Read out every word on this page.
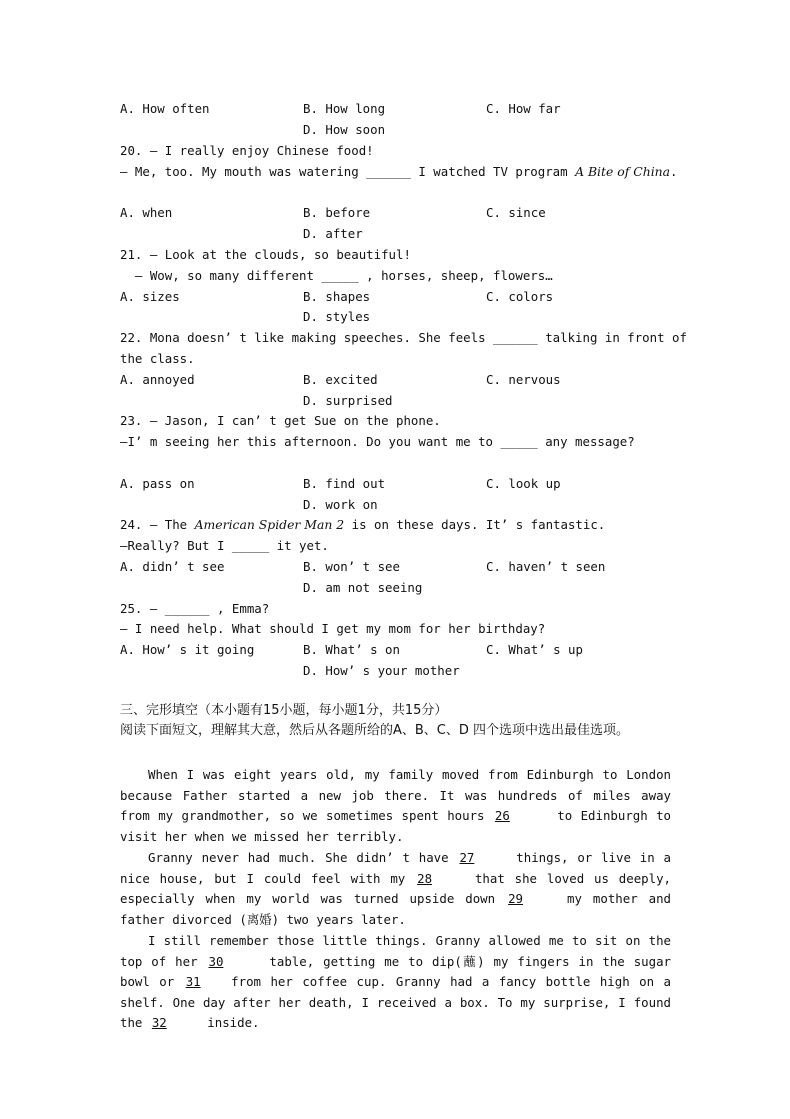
A. How often	B. How long	C. How far
D. How soon
20. — I really enjoy Chinese food!
— Me, too. My mouth was watering ______ I watched TV program A Bite of China.
A. when	B. before	C. since
D. after
21. — Look at the clouds, so beautiful!
— Wow, so many different _____ , horses, sheep, flowers…
A. sizes	B. shapes	C. colors
D. styles
22. Mona doesn’ t like making speeches. She feels ______ talking in front of
the class.
A. annoyed	B. excited	C. nervous
D. surprised
23. — Jason, I can’ t get Sue on the phone.
—I’ m seeing her this afternoon. Do you want me to _____ any message?
A. pass on	B. find out	C. look up
D. work on
24. — The American Spider Man 2 is on these days. It’ s fantastic.
—Really? But I _____ it yet.
A. didn’ t see	B. won’ t see	C. haven’ t seen
D. am not seeing
25. — ______ , Emma?
— I need help. What should I get my mom for her birthday?
A. How’ s it going	B. What’ s on	C. What’ s up
D. How’ s your mother
三、完形填空（本小题有15小题，每小题1分，共15分）
阅读下面短文，理解其大意，然后从各题所给的A、B、C、D 四个选项中选出最佳选项。
When I was eight years old, my family moved from Edinburgh to London because Father started a new job there. It was hundreds of miles away from my grandmother, so we sometimes spent hours 26	to Edinburgh to visit her when we missed her terribly.
Granny never had much. She didn’ t have 27	things, or live in a nice house, but I could feel with my 28	that she loved us deeply, especially when my world was turned upside down 29	my mother and father divorced (离婚) two years later.
I still remember those little things. Granny allowed me to sit on the top of her 30	table, getting me to dip(蘸) my fingers in the sugar bowl or 31 from her coffee cup. Granny had a fancy bottle high on a shelf. One day after her death, I received a box. To my surprise, I found the 32	inside.
